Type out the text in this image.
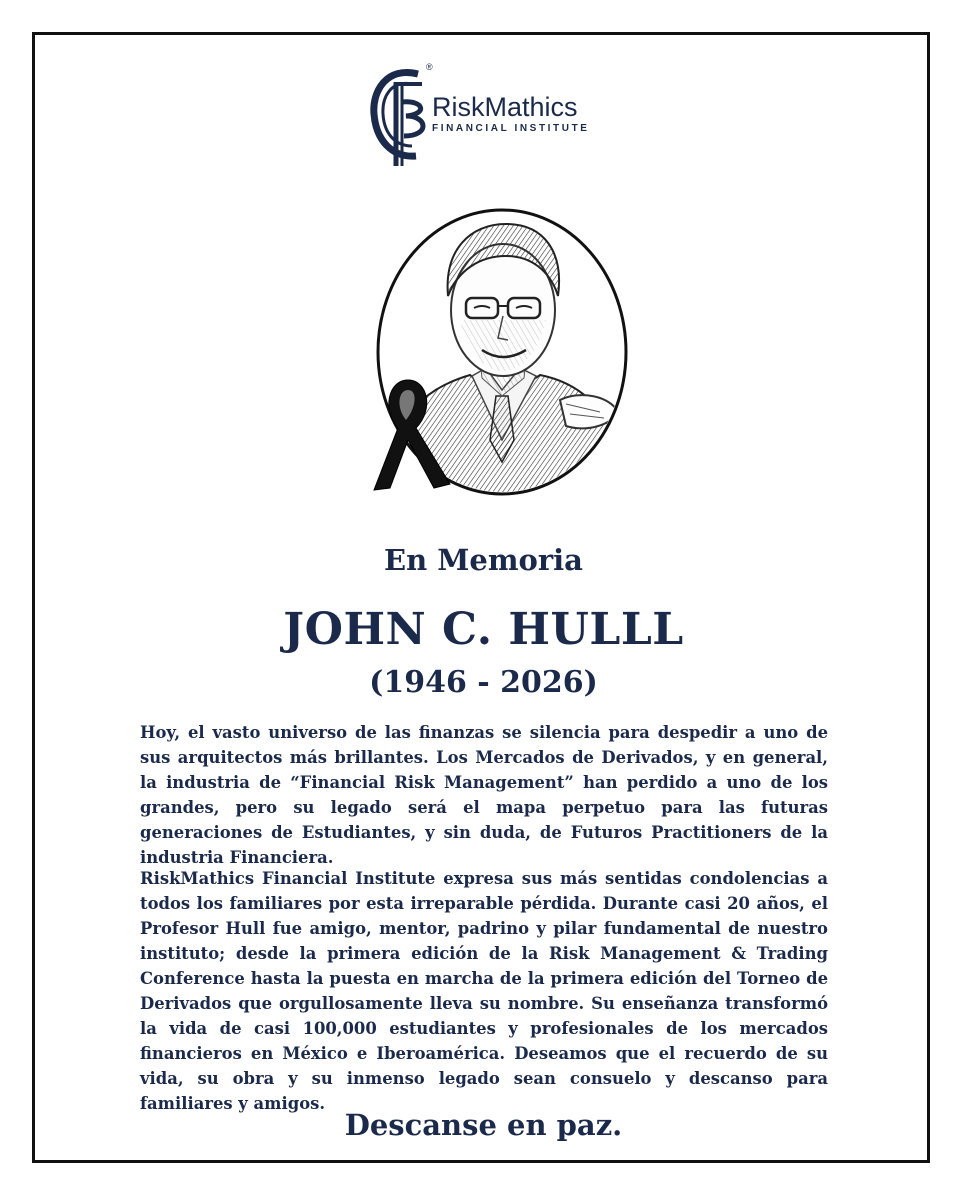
®
RiskMathics
FINANCIAL INSTITUTE
En Memoria
JOHN C. HULLL
(1946 - 2026)

Hoy, el vasto universo de las finanzas se silencia para despedir a uno de sus arquitectos más brillantes. Los Mercados de Derivados, y en general, la industria de “Financial Risk Management” han perdido a uno de los grandes, pero su legado será el mapa perpetuo para las futuras generaciones de Estudiantes, y sin duda, de Futuros Practitioners de la industria Financiera.

RiskMathics Financial Institute expresa sus más sentidas condolencias a todos los familiares por esta irreparable pérdida. Durante casi 20 años, el Profesor Hull fue amigo, mentor, padrino y pilar fundamental de nuestro instituto; desde la primera edición de la Risk Management & Trading Conference hasta la puesta en marcha de la primera edición del Torneo de Derivados que orgullosamente lleva su nombre. Su enseñanza transformó la vida de casi 100,000 estudiantes y profesionales de los mercados financieros en México e Iberoamérica. Deseamos que el recuerdo de su vida, su obra y su inmenso legado sean consuelo y descanso para familiares y amigos.

Descanse en paz.
